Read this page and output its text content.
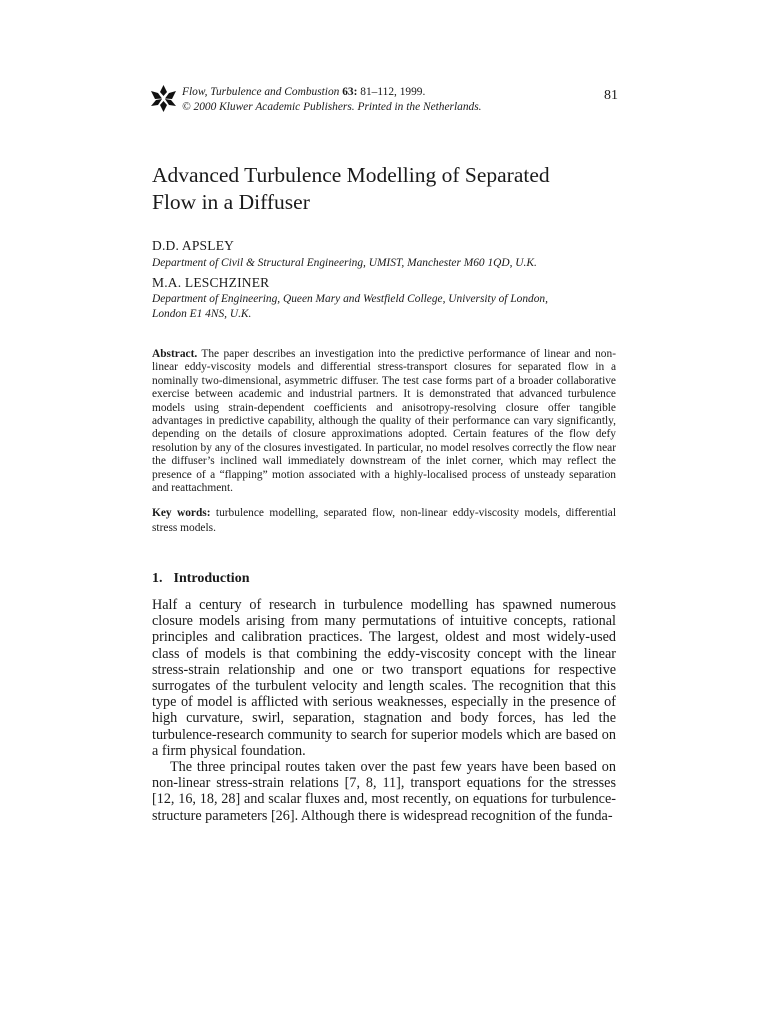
Flow, Turbulence and Combustion 63: 81–112, 1999.
© 2000 Kluwer Academic Publishers. Printed in the Netherlands.
81
Advanced Turbulence Modelling of Separated
Flow in a Diffuser
D.D. APSLEY
Department of Civil & Structural Engineering, UMIST, Manchester M60 1QD, U.K.
M.A. LESCHZINER
Department of Engineering, Queen Mary and Westfield College, University of London,
London E1 4NS, U.K.
Abstract. The paper describes an investigation into the predictive performance of linear and non-linear eddy-viscosity models and differential stress-transport closures for separated flow in a nominally two-dimensional, asymmetric diffuser. The test case forms part of a broader collaborative exercise between academic and industrial partners. It is demonstrated that advanced turbulence models using strain-dependent coefficients and anisotropy-resolving closure offer tangible advantages in predictive capability, although the quality of their performance can vary significantly, depending on the details of closure approximations adopted. Certain features of the flow defy resolution by any of the closures investigated. In particular, no model resolves correctly the flow near the diffuser’s inclined wall immediately downstream of the inlet corner, which may reflect the presence of a “flapping” motion associated with a highly-localised process of unsteady separation and reattachment.
Key words: turbulence modelling, separated flow, non-linear eddy-viscosity models, differential stress models.
1. Introduction

Half a century of research in turbulence modelling has spawned numerous closure models arising from many permutations of intuitive concepts, rational principles and calibration practices. The largest, oldest and most widely-used class of models is that combining the eddy-viscosity concept with the linear stress-strain relationship and one or two transport equations for respective surrogates of the turbulent velocity and length scales. The recognition that this type of model is afflicted with serious weaknesses, especially in the presence of high curvature, swirl, separation, stagnation and body forces, has led the turbulence-research community to search for superior models which are based on a firm physical foundation.

The three principal routes taken over the past few years have been based on non-linear stress-strain relations [7, 8, 11], transport equations for the stresses [12, 16, 18, 28] and scalar fluxes and, most recently, on equations for turbulence-structure parameters [26]. Although there is widespread recognition of the funda-
